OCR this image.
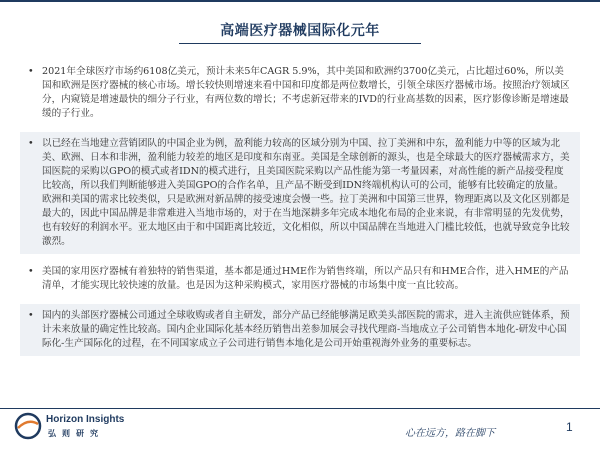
高端医疗器械国际化元年
• 2021年全球医疗市场约6108亿美元，预计未来5年CAGR 5.9%，其中美国和欧洲约3700亿美元，占比超过60%，所以美国和欧洲是医疗器械的核心市场。增长较快则增速来看中国和印度都是两位数增长，引领全球医疗器械市场。按照治疗领域区分，内窥镜是增速最快的细分子行业，有两位数的增长；不考虑新冠带来的IVD的行业高基数的因素，医疗影像诊断是增速最缓的子行业。
• 以已经在当地建立营销团队的中国企业为例，盈利能力较高的区域分别为中国、拉丁美洲和中东，盈利能力中等的区域为北美、欧洲、日本和非洲，盈利能力较差的地区是印度和东南亚。美国是全球创新的源头，也是全球最大的医疗器械需求方，美国医院的采购以GPO的模式或者IDN的模式进行，且美国医院采购以产品性能为第一考量因素，对高性能的新产品接受程度比较高，所以我们判断能够进入美国GPO的合作名单，且产品不断受到IDN终端机构认可的公司，能够有比较确定的放量。欧洲和美国的需求比较类似，只是欧洲对新品牌的接受速度会慢一些。拉丁美洲和中国第三世界，物理距离以及文化区别都是最大的，因此中国品牌是非常难进入当地市场的，对于在当地深耕多年完成本地化布局的企业来说，有非常明显的先发优势，也有较好的利润水平。亚太地区由于和中国距离比较近，文化相似，所以中国品牌在当地进入门槛比较低，也就导致竞争比较激烈。
• 美国的家用医疗器械有着独特的销售渠道，基本都是通过HME作为销售终端，所以产品只有和HME合作，进入HME的产品清单，才能实现比较快速的放量。也是因为这种采购模式，家用医疗器械的市场集中度一直比较高。
• 国内的头部医疗器械公司通过全球收购或者自主研发，部分产品已经能够满足欧美头部医院的需求，进入主流供应链体系，预计未来放量的确定性比较高。国内企业国际化基本经历销售出差参加展会寻找代理商-当地成立子公司销售本地化-研发中心国际化-生产国际化的过程，在不同国家成立子公司进行销售本地化是公司开始重视海外业务的重要标志。
Horizon Insights
弘则研究	心在远方，路在脚下	1
